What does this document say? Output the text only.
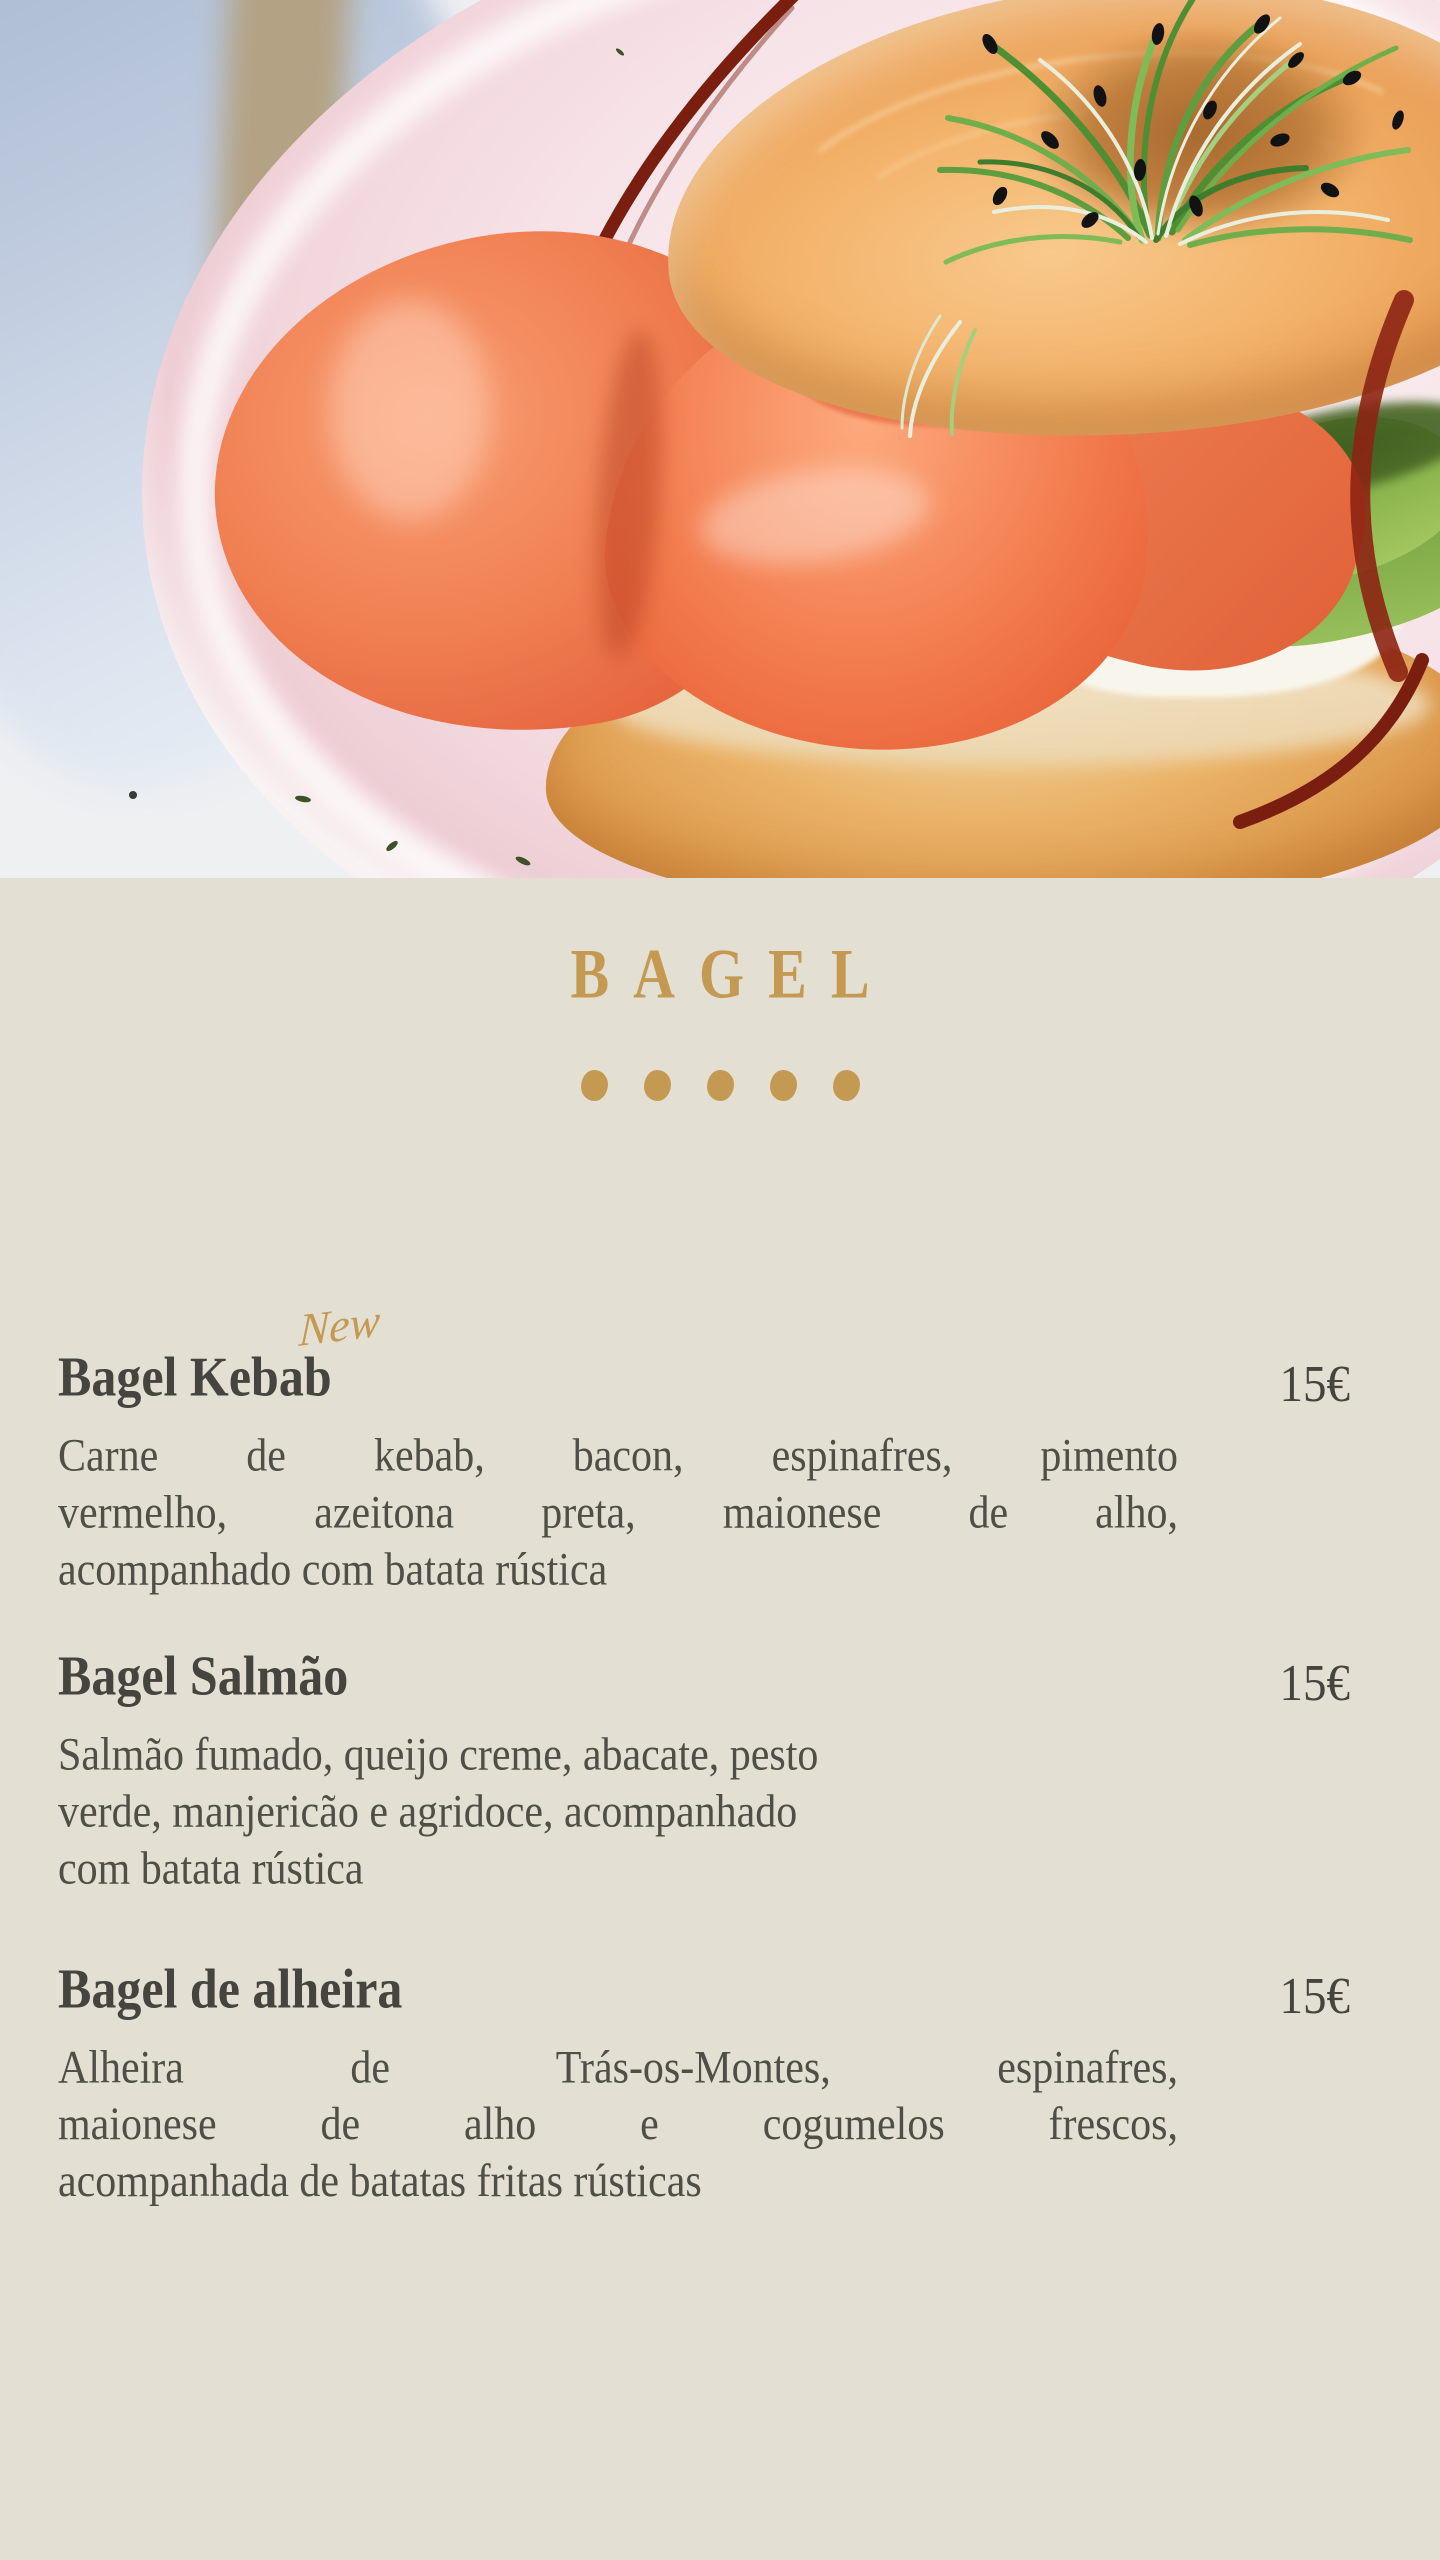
BAGEL
New
Bagel Kebab	15€
Carne de kebab, bacon, espinafres, pimento
vermelho, azeitona preta, maionese de alho,
acompanhado com batata rústica
Bagel Salmão	15€
Salmão fumado, queijo creme, abacate, pesto
verde, manjericão e agridoce, acompanhado
com batata rústica
Bagel de alheira	15€
Alheira de Trás-os-Montes, espinafres,
maionese de alho e cogumelos frescos,
acompanhada de batatas fritas rústicas
